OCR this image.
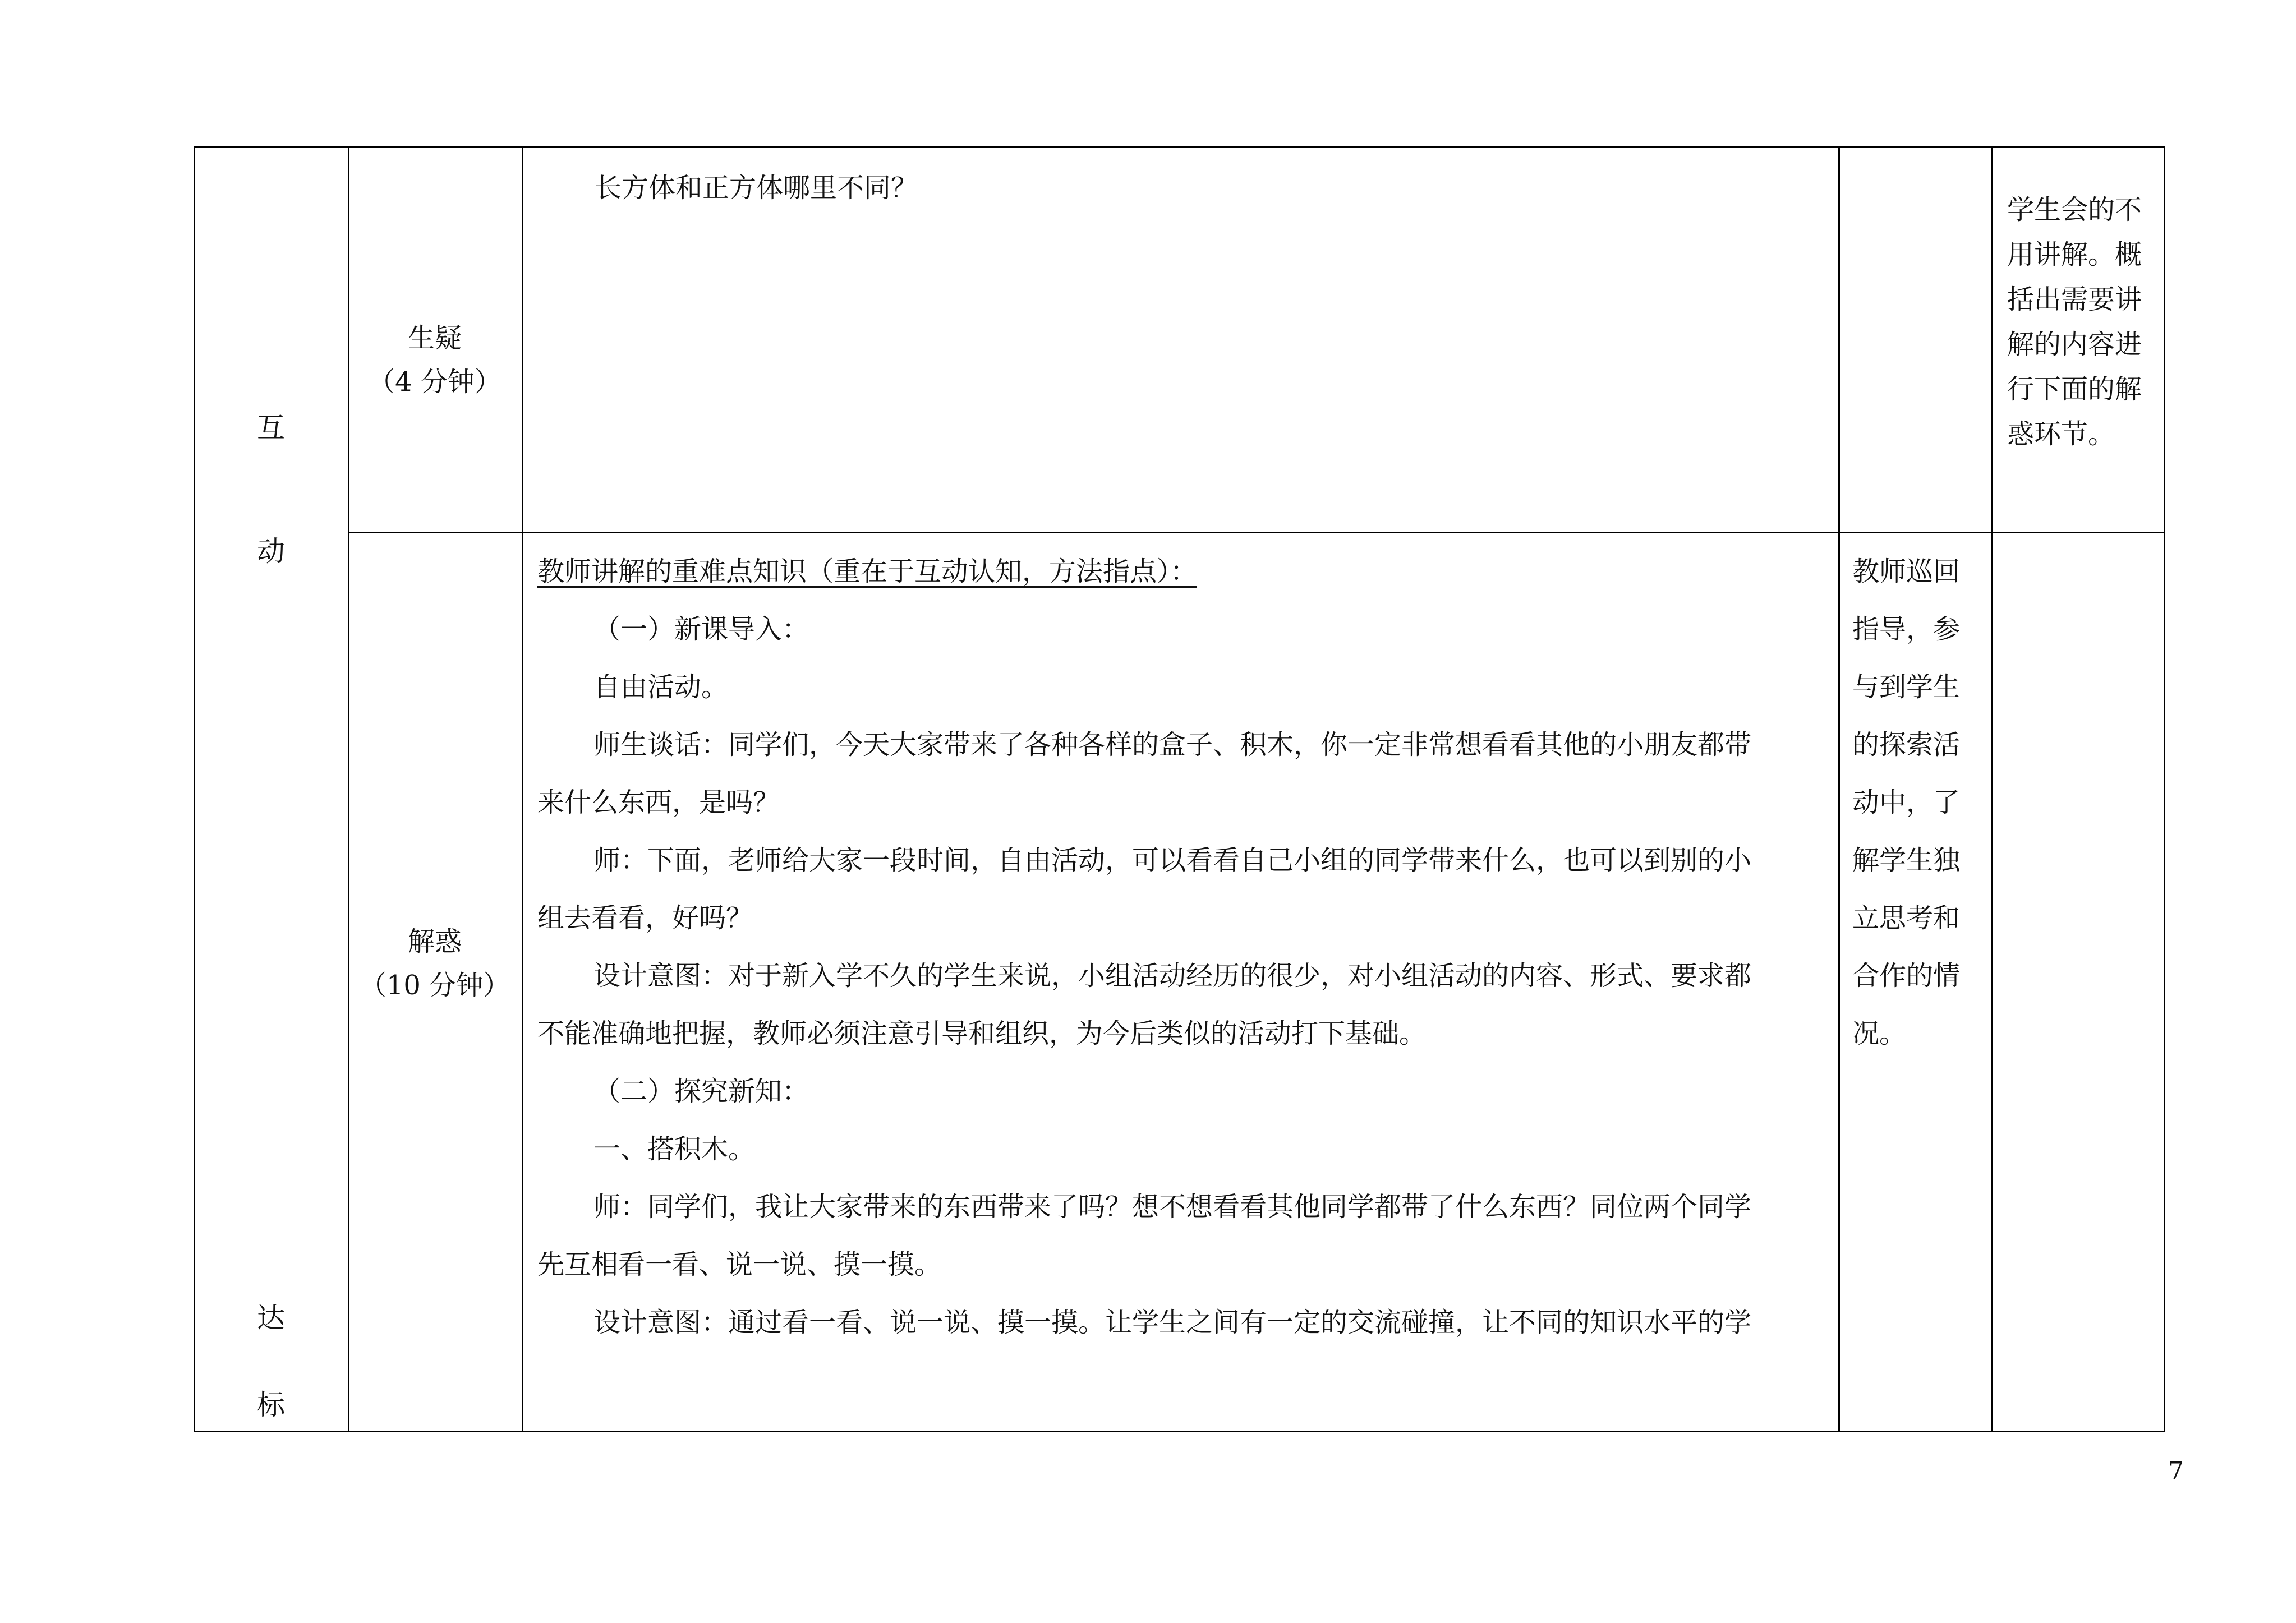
互
动
达
标
生疑
（4 分钟）
长方体和正方体哪里不同？
学生会的不
用讲解。概
括出需要讲
解的内容进
行下面的解
惑环节。
解惑
（10 分钟）

教师讲解的重难点知识（重在于互动认知，方法指点）：

（一）新课导入：

自由活动。

师生谈话：同学们，今天大家带来了各种各样的盒子、积木，你一定非常想看看其他的小朋友都带

来什么东西，是吗？

师：下面，老师给大家一段时间，自由活动，可以看看自己小组的同学带来什么，也可以到别的小

组去看看，好吗？

设计意图：对于新入学不久的学生来说，小组活动经历的很少，对小组活动的内容、形式、要求都

不能准确地把握，教师必须注意引导和组织，为今后类似的活动打下基础。

（二）探究新知：

一、搭积木。

师：同学们，我让大家带来的东西带来了吗？想不想看看其他同学都带了什么东西？同位两个同学

先互相看一看、说一说、摸一摸。

设计意图：通过看一看、说一说、摸一摸。让学生之间有一定的交流碰撞，让不同的知识水平的学

教师巡回

指导，参

与到学生

的探索活

动中，了

解学生独

立思考和

合作的情

况。

7
